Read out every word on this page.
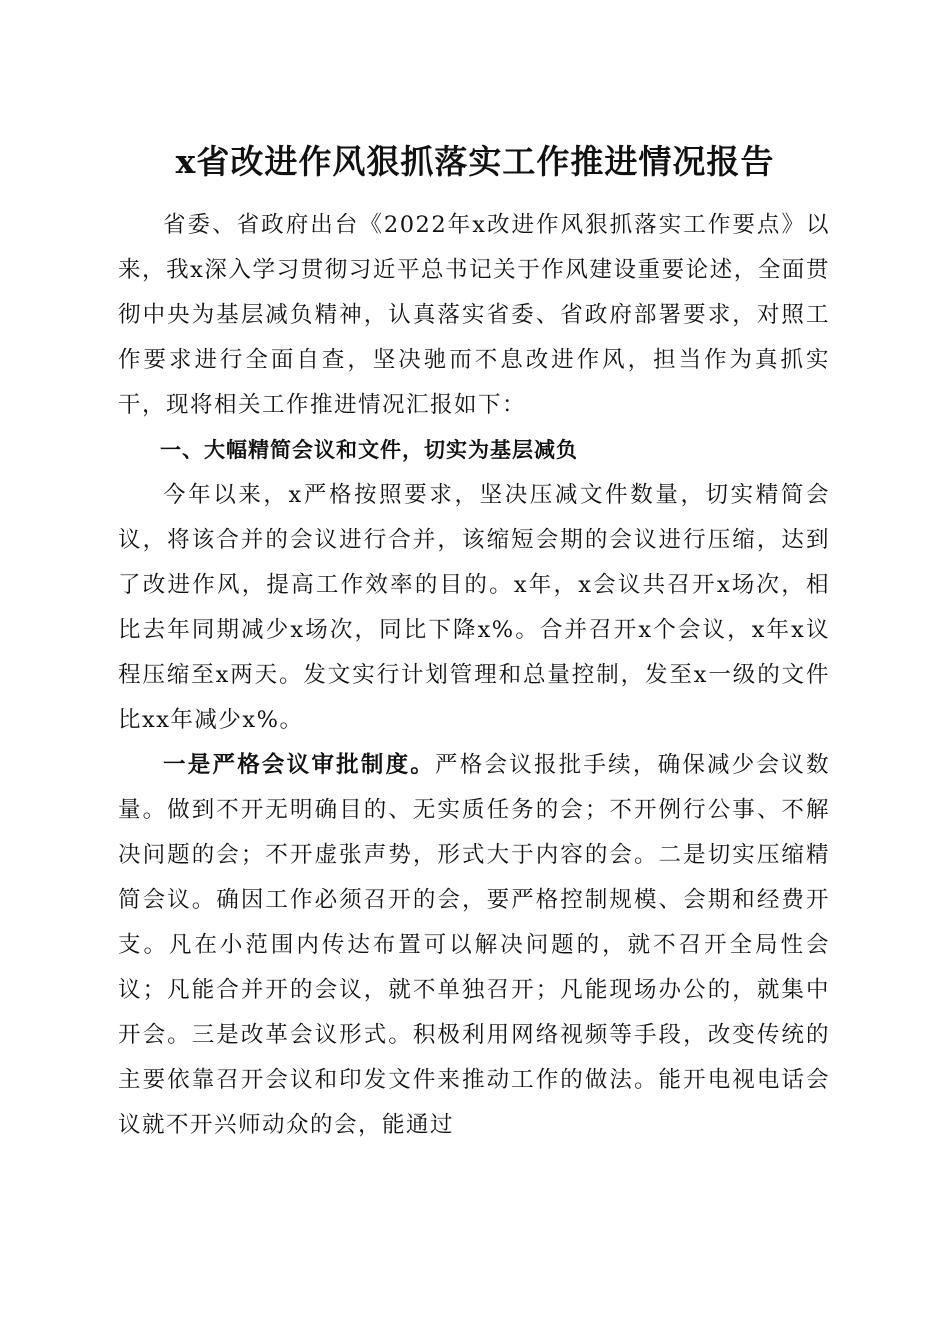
x省改进作风狠抓落实工作推进情况报告

省委、省政府出台《2022年x改进作风狠抓落实工作要点》以来，我x深入学习贯彻习近平总书记关于作风建设重要论述，全面贯彻中央为基层减负精神，认真落实省委、省政府部署要求，对照工作要求进行全面自查，坚决驰而不息改进作风，担当作为真抓实干，现将相关工作推进情况汇报如下：

一、大幅精简会议和文件，切实为基层减负

今年以来，x严格按照要求，坚决压减文件数量，切实精简会议，将该合并的会议进行合并，该缩短会期的会议进行压缩，达到了改进作风，提高工作效率的目的。x年，x会议共召开x场次，相比去年同期减少x场次，同比下降x%。合并召开x个会议，x年x议程压缩至x两天。发文实行计划管理和总量控制，发至x一级的文件比xx年减少x%。

一是严格会议审批制度。严格会议报批手续，确保减少会议数量。做到不开无明确目的、无实质任务的会；不开例行公事、不解决问题的会；不开虚张声势，形式大于内容的会。二是切实压缩精简会议。确因工作必须召开的会，要严格控制规模、会期和经费开支。凡在小范围内传达布置可以解决问题的，就不召开全局性会议；凡能合并开的会议，就不单独召开；凡能现场办公的，就集中开会。三是改革会议形式。积极利用网络视频等手段，改变传统的主要依靠召开会议和印发文件来推动工作的做法。能开电视电话会议就不开兴师动众的会，能通过
